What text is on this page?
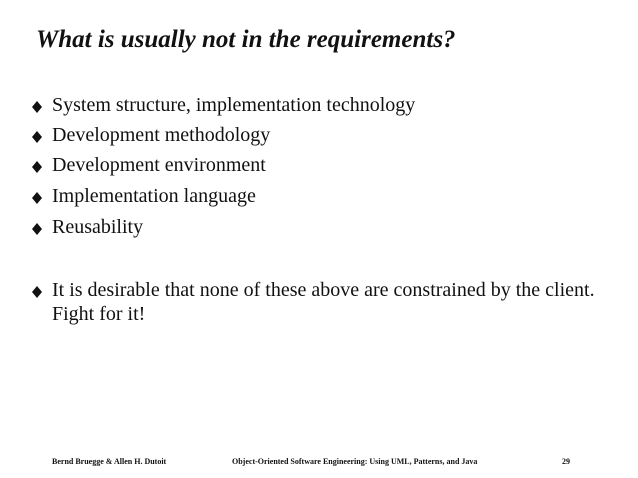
What is usually not in the requirements?
System structure, implementation technology
Development methodology
Development environment
Implementation language
Reusability
It is desirable that none of these above are constrained by the client. Fight for it!
Bernd Bruegge & Allen H. Dutoit	Object-Oriented Software Engineering: Using UML, Patterns, and Java	29
